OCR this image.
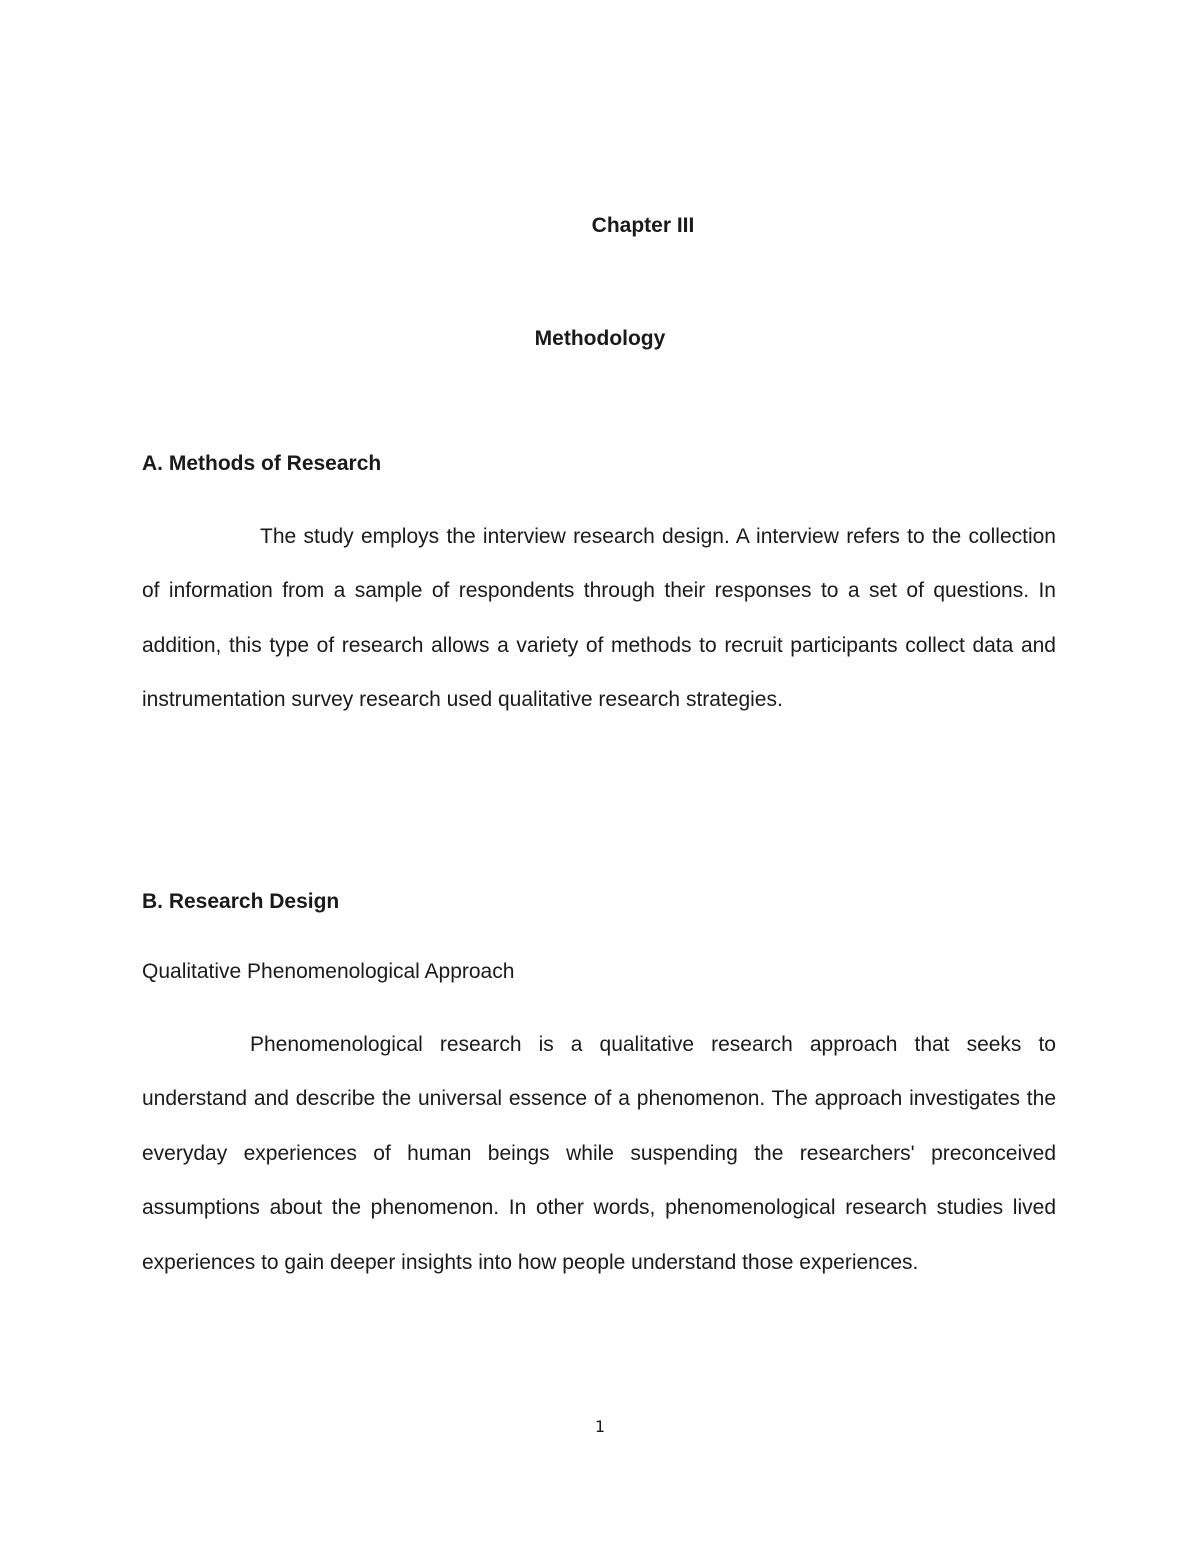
Chapter III
Methodology
A. Methods of Research

The study employs the interview research design. A interview refers to the collection of information from a sample of respondents through their responses to a set of questions. In addition, this type of research allows a variety of methods to recruit participants collect data and instrumentation survey research used qualitative research strategies.

B. Research Design
Qualitative Phenomenological Approach

Phenomenological research is a qualitative research approach that seeks to understand and describe the universal essence of a phenomenon. The approach investigates the everyday experiences of human beings while suspending the researchers' preconceived assumptions about the phenomenon. In other words, phenomenological research studies lived experiences to gain deeper insights into how people understand those experiences.

1
